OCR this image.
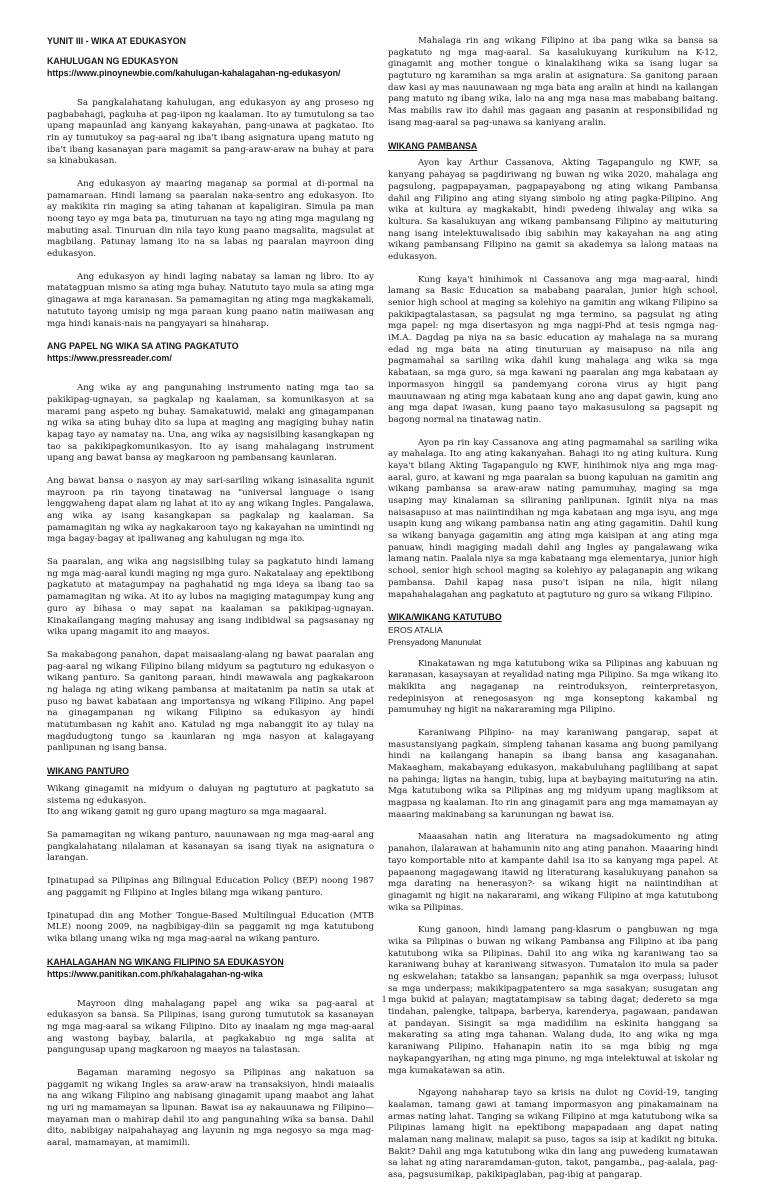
YUNIT III - WIKA AT EDUKASYON

KAHULUGAN NG EDUKASYON

https://www.pinoynewbie.com/kahulugan-kahalagahan-ng-edukasyon/

Sa pangkalahatang kahulugan, ang edukasyon ay ang proseso ng pagbabahagi, pagkuha at pag-iipon ng kaalaman. Ito ay tumutulong sa tao upang mapaunlad ang kanyang kakayahan, pang-unawa at pagkatao. Ito rin ay tumutukoy sa pag-aaral ng iba't ibang asignatura upang matuto ng iba't ibang kasanayan para magamit sa pang-araw-araw na buhay at para sa kinabukasan.

Ang edukasyon ay maaring maganap sa pormal at di-pormal na pamamaraan. Hindi lamang sa paaralan naka-sentro ang edukasyon. Ito ay makikita rin maging sa ating tahanan at kapaligiran. Simula pa man noong tayo ay mga bata pa, tinuturuan na tayo ng ating mga magulang ng mabuting asal. Tinuruan din nila tayo kung paano magsalita, magsulat at magbilang. Patunay lamang ito na sa labas ng paaralan mayroon ding edukasyon.

Ang edukasyon ay hindi laging nabatay sa laman ng libro. Ito ay matatagpuan mismo sa ating mga buhay. Natututo tayo mula sa ating mga ginagawa at mga karanasan. Sa pamamagitan ng ating mga magkakamali, natututo tayong umisip ng mga paraan kung paano natin maiiwasan ang mga hindi kanais-nais na pangyayari sa hinaharap.

ANG PAPEL NG WIKA SA ATING PAGKATUTO

https://www.pressreader.com/

Ang wika ay ang pangunahing instrumento nating mga tao sa pakikipag-ugnayan, sa pagkalap ng kaalaman, sa komunikasyon at sa marami pang aspeto ng buhay. Samakatuwid, malaki ang ginagampanan ng wika sa ating buhay dito sa lupa at maging ang magiging buhay natin kapag tayo ay namatay na. Una, ang wika ay nagsisilbing kasangkapan ng tao sa pakikipagkomunikasyon. Ito ay isang mahalagang instrument upang ang bawat bansa ay magkaroon ng pambansang kaunlaran.

Ang bawat bansa o nasyon ay may sari-sariling wikang isinasalita ngunit mayroon pa rin tayong tinatawag na "universal language o isang lenggwaheng dapat alam ng lahat at ito ay ang wikang Ingles. Pangalawa, ang wika ay isang kasangkapan sa pagkalap ng kaalaman. Sa pamamagitan ng wika ay nagkakaroon tayo ng kakayahan na umintindi ng mga bagay-bagay at ipaliwanag ang kahulugan ng mga ito.

Sa paaralan, ang wika ang nagsisilbing tulay sa pagkatuto hindi lamang ng mga mag-aaral kundi maging ng mga guro. Nakatalaay ang epektibong pagkatuto at matagumpay na paghahatid ng mga ideya sa ibang tao sa pamamagitan ng wika. At ito ay lubos na magiging matagumpay kung ang guro ay bihasa o may sapat na kaalaman sa pakikipag-ugnayan. Kinakailangang maging mahusay ang isang indibidwal sa pagsasanay ng wika upang magamit ito ang maayos.

Sa makabagong panahon, dapat maisaalang-alang ng bawat paaralan ang pag-aaral ng wikang Filipino bilang midyum sa pagtuturo ng edukasyon o wikang panturo. Sa ganitong paraan, hindi mawawala ang pagkakaroon ng halaga ng ating wikang pambansa at maitatanim pa natin sa utak at puso ng bawat kabataan ang importansya ng wikang Filipino. Ang papel na ginagampanan ng wikang Filipino sa edukasyon ay hindi matutumbasan ng kahit ano. Katulad ng mga nabanggit ito ay tulay na magdudugtong tungo sa kaunlaran ng mga nasyon at kalagayang panlipunan ng isang bansa.

WIKANG PANTURO

Wikang ginagamit na midyum o daluyan ng pagtuturo at pagkatuto sa sistema ng edukasyon.

Ito ang wikang gamit ng guro upang magturo sa mga magaaral.

Sa pamamagitan ng wikang panturo, nauunawaan ng mga mag-aaral ang pangkalahatang nilalaman at kasanayan sa isang tiyak na asignatura o larangan.

Ipinatupad sa Pilipinas ang Bilingual Education Policy (BEP) noong 1987 ang paggamit ng Filipino at Ingles bilang mga wikang panturo.

Ipinatupad din ang Mother Tongue-Based Multilingual Education (MTB MLE) noong 2009, na nagbibigay-diin sa paggamit ng mga katutubong wika bilang unang wika ng mga mag-aaral na wikang panturo.

KAHALAGAHAN NG WIKANG FILIPINO SA EDUKASYON

https://www.panitikan.com.ph/kahalagahan-ng-wika

Mayroon ding mahalagang papel ang wika sa pag-aaral at edukasyon sa bansa. Sa Pilipinas, isang gurong tumututok sa kasanayan ng mga mag-aaral sa wikang Filipino. Dito ay inaalam ng mga mag-aaral ang wastong baybay, balarila, at pagkakabuo ng mga salita at pangungusap upang magkaroon ng maayos na talastasan.

Bagaman maraming negosyo sa Pilipinas ang nakatuon sa paggamit ng wikang Ingles sa araw-araw na transaksiyon, hindi maiaalis na ang wikang Filipino ang nabisang ginagamit upang maabot ang lahat ng uri ng mamamayan sa lipunan. Bawat isa ay nakauunawa ng Filipino—mayaman man o mahirap dahil ito ang pangunahing wika sa bansa. Dahil dito, nabibigay naipahahayag ang layunin ng mga negosyo sa mga mag-aaral, mamamayan, at mamimili.

Mahalaga rin ang wikang Filipino at iba pang wika sa bansa sa pagkatuto ng mga mag-aaral. Sa kasalukuyang kurikulum na K-12, ginagamit ang mother tongue o kinalakihang wika sa isang lugar sa pagtuturo ng karamihan sa mga aralin at asignatura. Sa ganitong paraan daw kasi ay mas nauunawaan ng mga bata ang aralin at hindi na kailangan pang matuto ng ibang wika, lalo na ang mga nasa mas mababang baitang. Mas mabilis raw ito dahil mas gagaan ang pasanin at responsibilidad ng isang mag-aaral sa pag-unawa sa kaniyang aralin.

WIKANG PAMBANSA

Ayon kay Arthur Cassanova, Akting Tagapangulo ng KWF, sa kanyang pahayag sa pagdiriwang ng buwan ng wika 2020, mahalaga ang pagsulong, pagpapayaman, pagpapayabong ng ating wikang Pambansa dahil ang Filipino ang ating siyang simbolo ng ating pagka-Pilipino. Ang wika at kultura ay magkakabit, hindi pwedeng ihiwalay ang wika sa kultura. Sa kasalukuyan ang wikang pambansang Filipino ay maituturing nang isang intelektuwalisado ibig sabihin may kakayahan na ang ating wikang pambansang Filipino na gamit sa akademya sa lalong mataas na edukasyon.

Kung kaya't hinihimok ni Cassanova ang mga mag-aaral, hindi lamang sa Basic Education sa mababang paaralan, junior high school, senior high school at maging sa kolehiyo na gamitin ang wikang Filipino sa pakikipagtalastasan, sa pagsulat ng mga termino, sa pagsulat ng ating mga papel: ng mga disertasyon ng mga nagpi-Phd at tesis ngmga nag-iM.A. Dagdag pa niya na sa basic education ay mahalaga na sa murang edad ng mga bata na ating tinuturuan ay maisapuso na nila ang pagmamahal sa sariling wika dahil kung mahalaga ang wika sa mga kabataan, sa mga guro, sa mga kawani ng paaralan ang mga kabataan ay inpormasyon hinggil sa pandemyang corona virus ay higit pang mauunawaan ng ating mga kabataan kung ano ang dapat gawin, kung ano ang mga dapat iwasan, kung paano tayo makasusulong sa pagsapit ng bagong normal na tinatawag natin.

Ayon pa rin kay Cassanova ang ating pagmamahal sa sariling wika ay mahalaga. Ito ang ating kakanyahan. Bahagi ito ng ating kultura. Kung kaya't bilang Akting Tagapangulo ng KWF, hinihimok niya ang mga mag-aaral, guro, at kawani ng mga paaralan sa buong kapuluan na gamitin ang wikang pambansa sa araw-araw nating pamumuhay, maging sa mga usaping may kinalaman sa siliraning panlipunan. Iginiit niya na mas naisasapuso at mas naiintindihan ng mga kabataan ang mga isyu, ang mga usapin kung ang wikang pambansa natin ang ating gagamitin. Dahil kung sa wikang banyaga gagamitin ang ating mga kaisipan at ang ating mga panuaw, hindi magiging madali dahil ang Ingles ay pangalawang wika lamang natin. Paalala niya sa mga kabataang mga elementarya, junior high school, senior high school maging sa kolehiyo ay palaganapin ang wikang pambansa. Dahil kapag nasa puso't isipan na nila, higit nilang mapahahalagahan ang pagkatuto at pagtuturo ng guro sa wikang Filipino.

WIKA/WIKANG KATUTUBO

EROS ATALIA

Prensyadong Manunulat

Kinakatawan ng mga katutubong wika sa Pilipinas ang kabuuan ng karanasan, kasaysayan at reyalidad nating mga Pilipino. Sa mga wikang ito makikita ang nagaganap na reintroduksyon, reinterpretasyon, redepinisyon at renegosasyon ng mga konseptong kakambal ng pamumuhay ng higit na nakararaming mga Pilipino.

Karaniwang Pilipino- na may karaniwang pangarap, sapat at masustansiyang pagkain, simpleng tahanan kasama ang buong pamilyang hindi na kailangang hanapin sa ibang bansa ang kasaganahan. Makaagham, makabayang edukasyon, makabuluhang paglilibang at sapat na pahinga; ligtas na hangin, tubig, lupa at baybaying maituturing na atin. Mga katutubong wika sa Pilipinas ang mg midyum upang magliksom at magpasa ng kaalaman. Ito rin ang ginagamit para ang mga mamamayan ay maaaring makinabang sa karunungan ng bawat isa.

Maaasahan natin ang literatura na magsadokumento ng ating panahon, ilalarawan at hahamunin nito ang ating panahon. Maaaring hindi tayo komportable nito at kampante dahil isa ito sa kanyang mga papel. At papaanong magagawang itawid ng literaturang kasalukuyang panahon sa mga darating na henerasyon?- sa wikang higit na naiintindihan at ginagamit ng higit na nakararami, ang wikang Filipino at mga katutubong wika sa Pilipinas.

Kung ganoon, hindi lamang pang-klasrum o pangbuwan ng mga wika sa Pilipinas o buwan ng wikang Pambansa ang Filipino at iba pang katutubong wika sa Pilipinas. Dahil ito ang wika ng karaniwang tao sa karaniwang buhay at karaniwang sitwasyon. Tumatalon ito mula sa pader ng eskwelahan; tatakbo sa lansangan; papanhik sa mga overpass; lulusot sa mga underpass; makikipagpatentero sa mga sasakyan; susugatan ang mga bukid at palayan; magtatampisaw sa tabing dagat; dedereto sa mga tindahan, palengke, talipapa, barberya, karenderya, pagawaan, pandawan at pandayan. Sisingit sa mga madidilim na eskinita hanggang sa makarating sa ating mga tahanan. Walang duda, ito ang wika ng mga karaniwang Pilipino. Hahanapin natin ito sa mga bibig ng mga naykapangyarihan, ng ating mga pinuno, ng mga intelektuwal at iskolar ng mga kumakatawan sa atin.

Ngayong nahaharap tayo sa krisis na dulot ng Covid-19, tanging kaalaman, tamang gawi at tamang impormasyon ang pinakamainam na armas nating lahat. Tanging sa wikang Filipino at mga katutubong wika sa Pilipinas lamang higit na epektibong mapapadaan ang dapat nating malaman nang malinaw, malapit sa puso, tagos sa isip at kadikit ng bituka. Bakit? Dahil ang mga katutubong wika din lang ang puwedeng kumatawan sa lahat ng ating nararamdaman-guton, takot, pangamba,, pag-aalala, pag-asa, pagsusumikap, pakikipaglaban, pag-ibig at pangarap.

1
